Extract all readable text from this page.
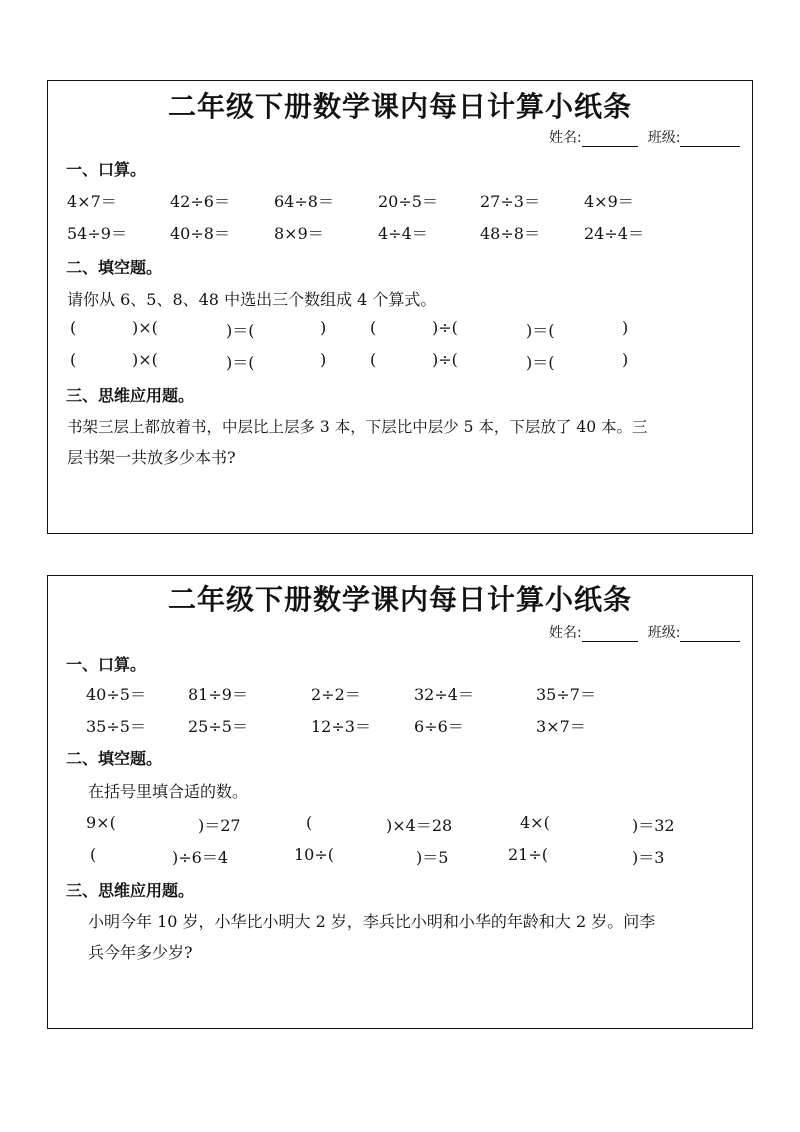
二年级下册数学课内每日计算小纸条
姓名:	班级:
一、口算。
4×7＝	42÷6＝	64÷8＝	20÷5＝	27÷3＝	4×9＝
54÷9＝	40÷8＝	8×9＝	4÷4＝	48÷8＝	24÷4＝
二、填空题。
请你从 6、5、8、48 中选出三个数组成 4 个算式。
(	)×(	)＝(	)	(	)÷(	)＝(	)
(	)×(	)＝(	)	(	)÷(	)＝(	)
三、思维应用题。
书架三层上都放着书，中层比上层多 3 本，下层比中层少 5 本，下层放了 40 本。三
层书架一共放多少本书?
二年级下册数学课内每日计算小纸条
姓名:	班级:
一、口算。
40÷5＝	81÷9＝	2÷2＝	32÷4＝	35÷7＝
35÷5＝	25÷5＝	12÷3＝	6÷6＝	3×7＝
二、填空题。
在括号里填合适的数。
9×(	)＝27	(	)×4＝28	4×(	)＝32
(	)÷6＝4	10÷(	)＝5	21÷(	)＝3
三、思维应用题。
小明今年 10 岁，小华比小明大 2 岁，李兵比小明和小华的年龄和大 2 岁。问李
兵今年多少岁?
